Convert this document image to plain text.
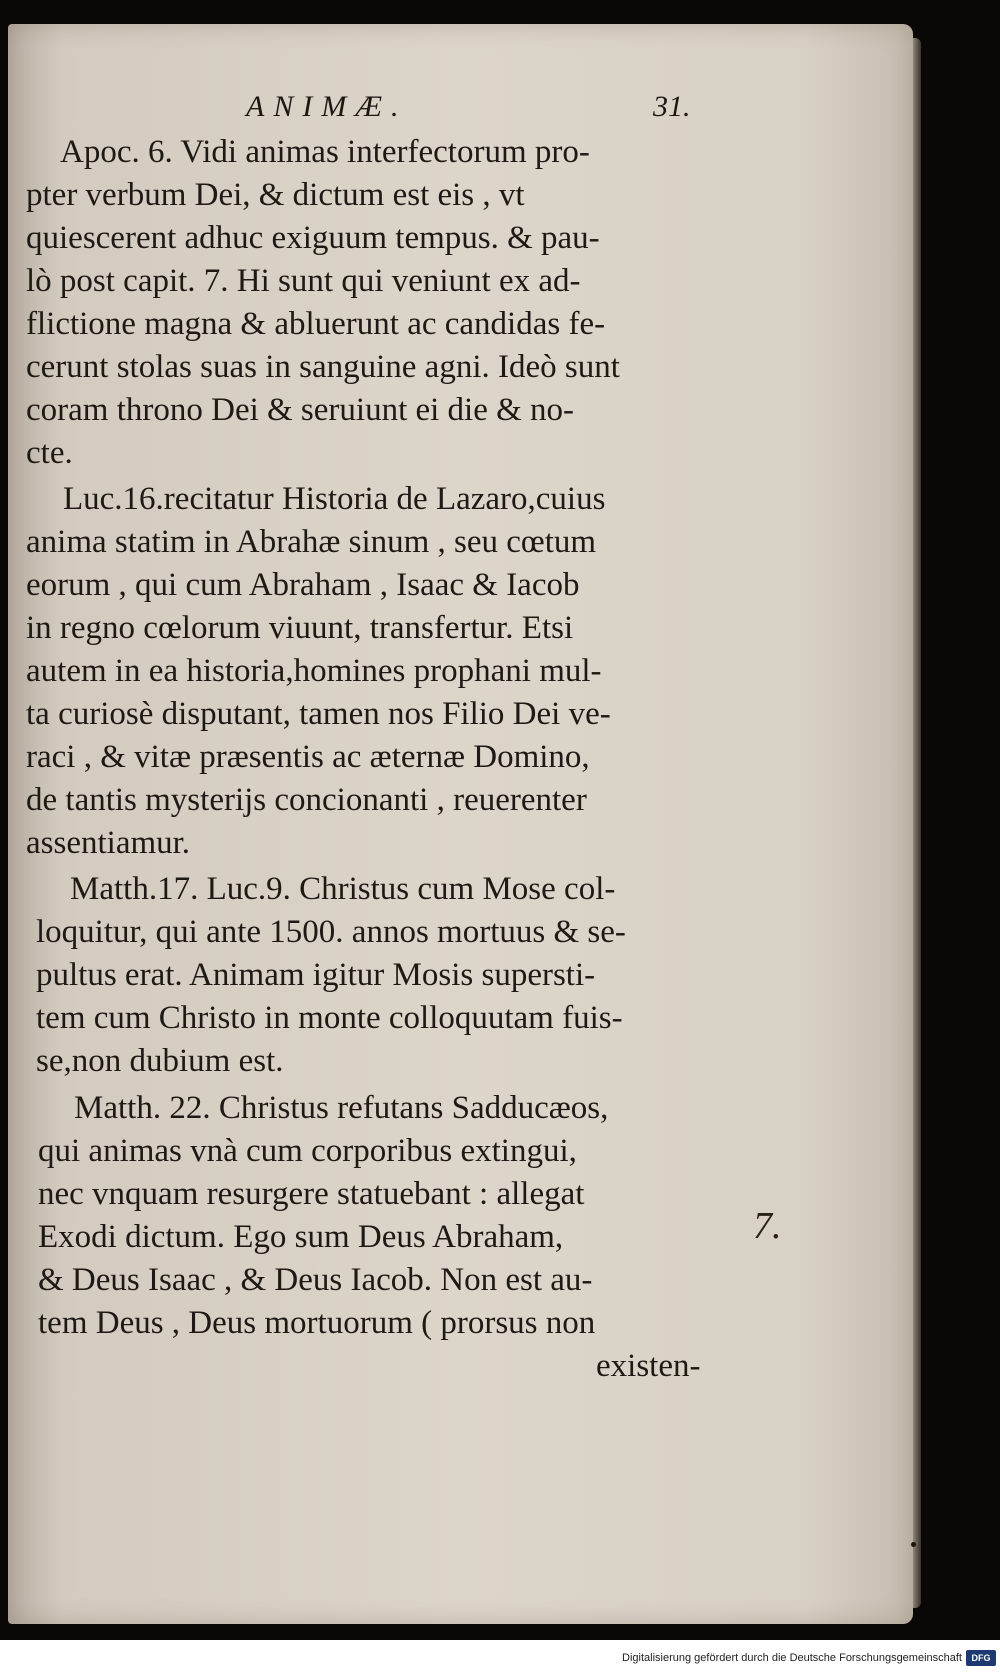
ANIMÆ.	31.
Apoc. 6. Vidi animas interfectorum pro-
pter verbum Dei, & dictum est eis , vt
quiescerent adhuc exiguum tempus. & pau-
lò post capit. 7. Hi sunt qui veniunt ex ad-
flictione magna & abluerunt ac candidas fe-
cerunt stolas suas in sanguine agni. Ideò sunt
coram throno Dei & seruiunt ei die & no-
cte.
Luc.16.recitatur Historia de Lazaro,cuius
anima statim in Abrahæ sinum , seu cœtum
eorum , qui cum Abraham , Isaac & Iacob
in regno cœlorum viuunt, transfertur. Etsi
autem in ea historia,homines prophani mul-
ta curiosè disputant, tamen nos Filio Dei ve-
raci , & vitæ præsentis ac æternæ Domino,
de tantis mysterijs concionanti , reuerenter
assentiamur.
Matth.17. Luc.9. Christus cum Mose col-
loquitur, qui ante 1500. annos mortuus & se-
pultus erat. Animam igitur Mosis supersti-
tem cum Christo in monte colloquutam fuis-
se,non dubium est.
Matth. 22. Christus refutans Sadducæos,
qui animas vnà cum corporibus extingui,
nec vnquam resurgere statuebant : allegat
Exodi dictum. Ego sum Deus Abraham,
& Deus Isaac , & Deus Iacob. Non est au-
tem Deus , Deus mortuorum ( prorsus non
existen-
7.
Digitalisierung gefördert durch die Deutsche Forschungsgemeinschaft	DFG
